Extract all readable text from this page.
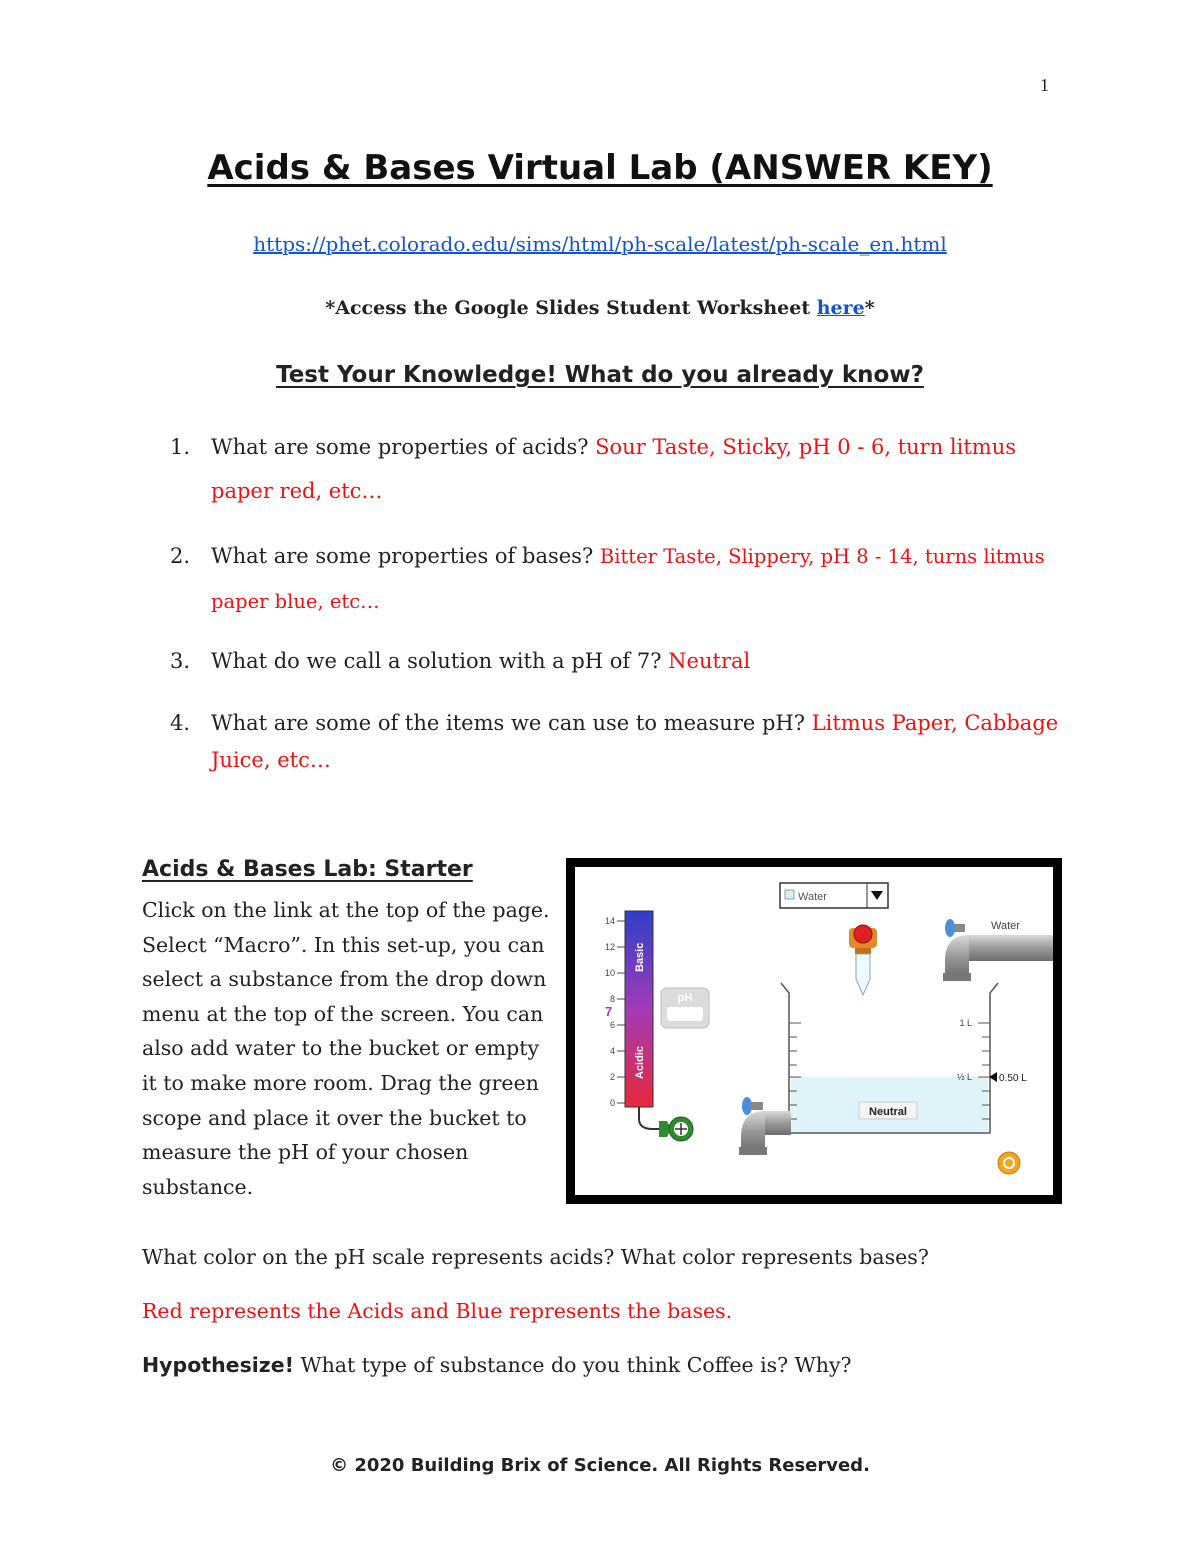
1
Acids & Bases Virtual Lab (ANSWER KEY)
https://phet.colorado.edu/sims/html/ph-scale/latest/ph-scale_en.html
*Access the Google Slides Student Worksheet here*
Test Your Knowledge! What do you already know?
1. What are some properties of acids? Sour Taste, Sticky, pH 0 - 6, turn litmus paper red, etc…
2. What are some properties of bases? Bitter Taste, Slippery, pH 8 - 14, turns litmus paper blue, etc…
3. What do we call a solution with a pH of 7? Neutral
4. What are some of the items we can use to measure pH? Litmus Paper, Cabbage Juice, etc…
Acids & Bases Lab: Starter
Click on the link at the top of the page. Select “Macro”. In this set-up, you can select a substance from the drop down menu at the top of the screen. You can also add water to the bucket or empty it to make more room. Drag the green scope and place it over the bucket to measure the pH of your chosen substance.
Water
Water
Basic
Acidic
14
12
10
8
6
4
2
0
7
pH
1 L
½ L
Neutral
0.50 L
What color on the pH scale represents acids? What color represents bases?
Red represents the Acids and Blue represents the bases.
Hypothesize! What type of substance do you think Coffee is? Why?
© 2020 Building Brix of Science. All Rights Reserved.
